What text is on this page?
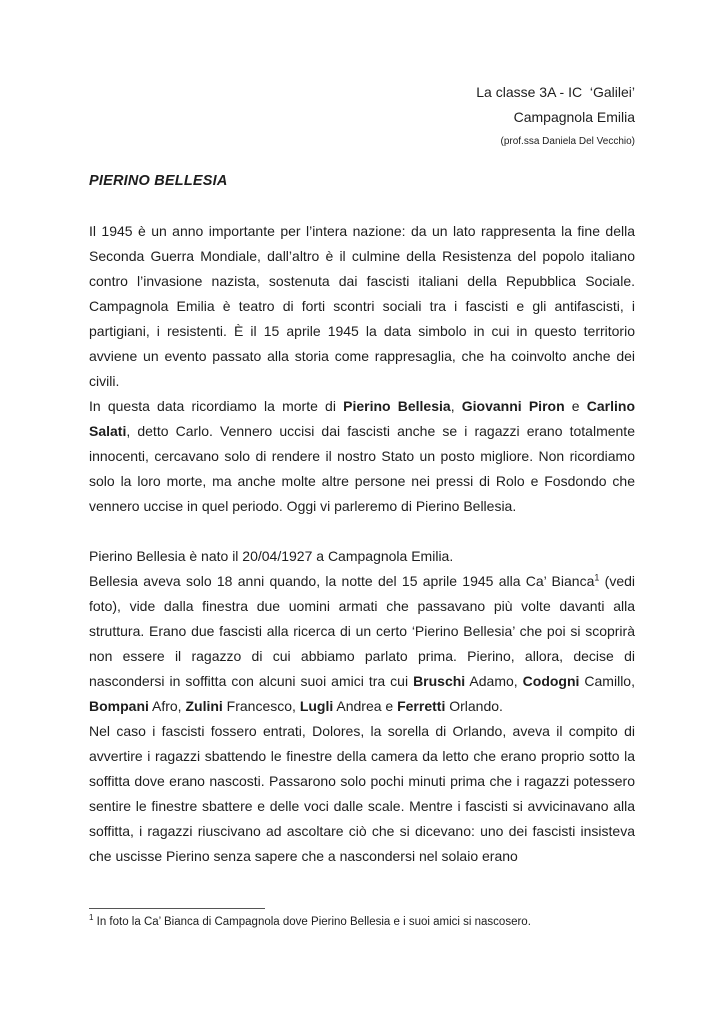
La classe 3A - IC  ‘Galilei’
Campagnola Emilia
(prof.ssa Daniela Del Vecchio)
PIERINO BELLESIA

Il 1945 è un anno importante per l’intera nazione: da un lato rappresenta la fine della Seconda Guerra Mondiale, dall’altro è il culmine della Resistenza del popolo italiano contro l’invasione nazista, sostenuta dai fascisti italiani della Repubblica Sociale. Campagnola Emilia è teatro di forti scontri sociali tra i fascisti e gli antifascisti, i partigiani, i resistenti. È il 15 aprile 1945 la data simbolo in cui in questo territorio avviene un evento passato alla storia come rappresaglia, che ha coinvolto anche dei civili.

In questa data ricordiamo la morte di Pierino Bellesia, Giovanni Piron e Carlino Salati, detto Carlo. Vennero uccisi dai fascisti anche se i ragazzi erano totalmente innocenti, cercavano solo di rendere il nostro Stato un posto migliore. Non ricordiamo solo la loro morte, ma anche molte altre persone nei pressi di Rolo e Fosdondo che vennero uccise in quel periodo. Oggi vi parleremo di Pierino Bellesia.

Pierino Bellesia è nato il 20/04/1927 a Campagnola Emilia.

Bellesia aveva solo 18 anni quando, la notte del 15 aprile 1945 alla Ca’ Bianca$^1$ (vedi foto), vide dalla finestra due uomini armati che passavano più volte davanti alla struttura. Erano due fascisti alla ricerca di un certo ‘Pierino Bellesia’ che poi si scoprirà non essere il ragazzo di cui abbiamo parlato prima. Pierino, allora, decise di nascondersi in soffitta con alcuni suoi amici tra cui Bruschi Adamo, Codogni Camillo, Bompani Afro, Zulini Francesco, Lugli Andrea e Ferretti Orlando.

Nel caso i fascisti fossero entrati, Dolores, la sorella di Orlando, aveva il compito di avvertire i ragazzi sbattendo le finestre della camera da letto che erano proprio sotto la soffitta dove erano nascosti. Passarono solo pochi minuti prima che i ragazzi potessero sentire le finestre sbattere e delle voci dalle scale. Mentre i fascisti si avvicinavano alla soffitta, i ragazzi riuscivano ad ascoltare ciò che si dicevano: uno dei fascisti insisteva che uscisse Pierino senza sapere che a nascondersi nel solaio erano

$^1$ In foto la Ca’ Bianca di Campagnola dove Pierino Bellesia e i suoi amici si nascosero.
